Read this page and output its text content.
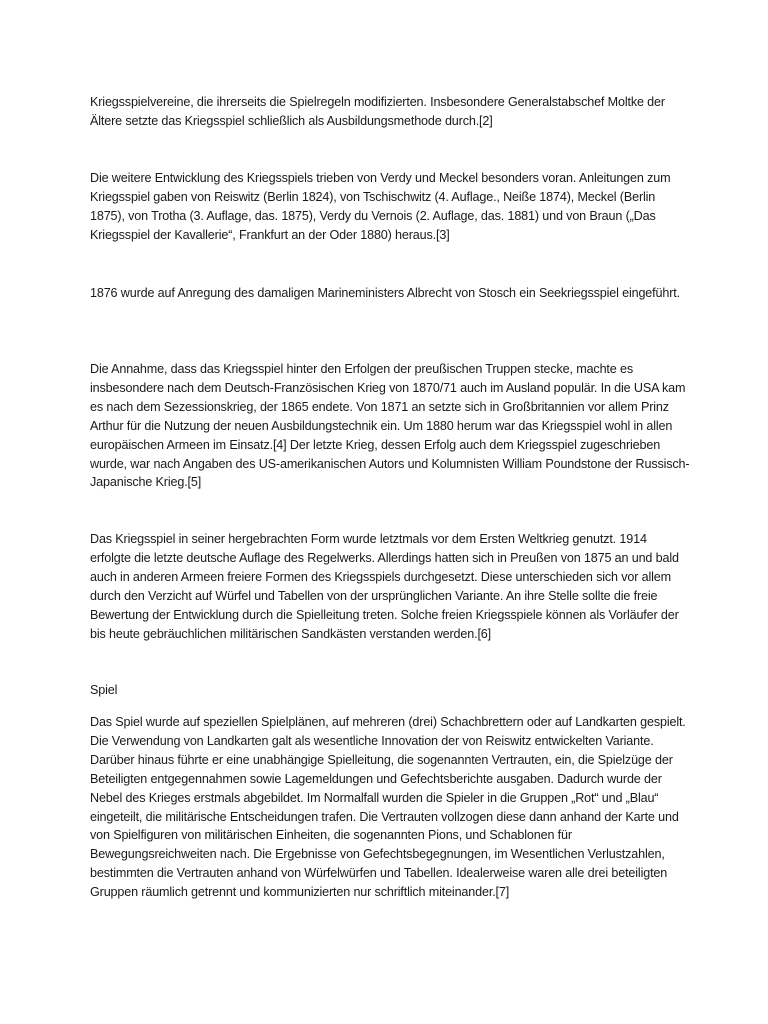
Kriegsspielvereine, die ihrerseits die Spielregeln modifizierten. Insbesondere Generalstabschef Moltke der Ältere setzte das Kriegsspiel schließlich als Ausbildungsmethode durch.[2]

Die weitere Entwicklung des Kriegsspiels trieben von Verdy und Meckel besonders voran. Anleitungen zum Kriegsspiel gaben von Reiswitz (Berlin 1824), von Tschischwitz (4. Auflage., Neiße 1874), Meckel (Berlin 1875), von Trotha (3. Auflage, das. 1875), Verdy du Vernois (2. Auflage, das. 1881) und von Braun („Das Kriegsspiel der Kavallerie“, Frankfurt an der Oder 1880) heraus.[3]

1876 wurde auf Anregung des damaligen Marineministers Albrecht von Stosch ein Seekriegsspiel eingeführt.

Die Annahme, dass das Kriegsspiel hinter den Erfolgen der preußischen Truppen stecke, machte es insbesondere nach dem Deutsch-Französischen Krieg von 1870/71 auch im Ausland populär. In die USA kam es nach dem Sezessionskrieg, der 1865 endete. Von 1871 an setzte sich in Großbritannien vor allem Prinz Arthur für die Nutzung der neuen Ausbildungstechnik ein. Um 1880 herum war das Kriegsspiel wohl in allen europäischen Armeen im Einsatz.[4] Der letzte Krieg, dessen Erfolg auch dem Kriegsspiel zugeschrieben wurde, war nach Angaben des US-amerikanischen Autors und Kolumnisten William Poundstone der Russisch-Japanische Krieg.[5]

Das Kriegsspiel in seiner hergebrachten Form wurde letztmals vor dem Ersten Weltkrieg genutzt. 1914 erfolgte die letzte deutsche Auflage des Regelwerks. Allerdings hatten sich in Preußen von 1875 an und bald auch in anderen Armeen freiere Formen des Kriegsspiels durchgesetzt. Diese unterschieden sich vor allem durch den Verzicht auf Würfel und Tabellen von der ursprünglichen Variante. An ihre Stelle sollte die freie Bewertung der Entwicklung durch die Spielleitung treten. Solche freien Kriegsspiele können als Vorläufer der bis heute gebräuchlichen militärischen Sandkästen verstanden werden.[6]

Spiel

Das Spiel wurde auf speziellen Spielplänen, auf mehreren (drei) Schachbrettern oder auf Landkarten gespielt. Die Verwendung von Landkarten galt als wesentliche Innovation der von Reiswitz entwickelten Variante. Darüber hinaus führte er eine unabhängige Spielleitung, die sogenannten Vertrauten, ein, die Spielzüge der Beteiligten entgegennahmen sowie Lagemeldungen und Gefechtsberichte ausgaben. Dadurch wurde der Nebel des Krieges erstmals abgebildet. Im Normalfall wurden die Spieler in die Gruppen „Rot“ und „Blau“ eingeteilt, die militärische Entscheidungen trafen. Die Vertrauten vollzogen diese dann anhand der Karte und von Spielfiguren von militärischen Einheiten, die sogenannten Pions, und Schablonen für Bewegungsreichweiten nach. Die Ergebnisse von Gefechtsbegegnungen, im Wesentlichen Verlustzahlen, bestimmten die Vertrauten anhand von Würfelwürfen und Tabellen. Idealerweise waren alle drei beteiligten Gruppen räumlich getrennt und kommunizierten nur schriftlich miteinander.[7]
